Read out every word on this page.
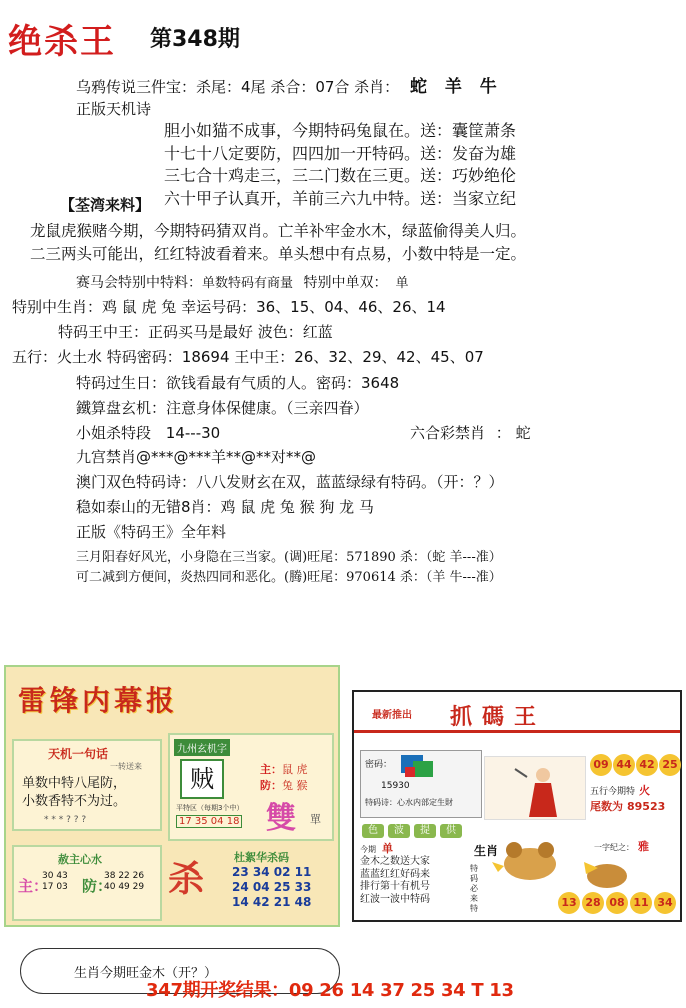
绝杀王 第348期
乌鸦传说三件宝：杀尾：4尾 杀合：07合 杀肖： 蛇 羊 牛
正版天机诗
胆小如猫不成事，今期特码兔鼠在。送：囊筐萧条
十七十八定要防，四四加一开特码。送：发奋为雄
三七合十鸡走三，三二门数在三更。送：巧妙绝伦
六十甲子认真开，羊前三六九中特。送：当家立纪
【荃湾来料】
龙鼠虎猴赌今期，今期特码猜双肖。亡羊补牢金水木，绿蓝偷得美人归。
二三两头可能出，红红特波看着来。单头想中有点易，小数中特是一定。
赛马会特别中特料：单数特码有商量 特别中单双： 单
特别中生肖：鸡 鼠 虎 兔 幸运号码：36、15、04、46、26、14
特码王中王：正码买马是最好 波色：红蓝
五行：火土水 特码密码：18694 王中王：26、32、29、42、45、07
特码过生日：欲钱看最有气质的人。密码：3648
鐵算盘玄机：注意身体保健康。（三亲四眷）
小姐杀特段 14---30	六合彩禁肖 ： 蛇
九宫禁肖@***@***羊**@**对**@
澳门双色特码诗：八八发财玄在双，蓝蓝绿绿有特码。（开：？）
稳如泰山的无错8肖：鸡 鼠 虎 兔 猴 狗 龙 马
正版《特码王》全年料
三月阳春好风光，小身隐在三当家。(调)旺尾：571890 杀：（蛇 羊---准）
可二减到方便间，炎热四同和恶化。(腾)旺尾：970614 杀：（羊 牛---准）
雷锋内幕报
天机一句话
一转送来
单数中特八尾防，
小数香特不为过。
* * * ? ? ?
九州玄机字
贼	主：鼠 虎
防：兔 猴
平特区（每期3个中）
17 35 04 18 雙 單
赦主心水
主：
30 43
17 03 防：
38 22 26
40 49 29 杀
杜絮华杀码
23 34 02 11
24 04 25 33
14 42 21 48
最新推出 抓碼王
密码：
15930
特码诗：心水内部定生財
09 44 42 25
五行今期特 火
尾数为 89523
色	波	提	供
今期 单
金木之数送大家
蓝蓝红红好码来
排行第十有机号
红波一波中特码
生肖
特码必来特
一字纪之： 雅
13 28 08 11 34
生肖今期旺金木（开？）
347期开奖结果：09 26 14 37 25 34 T 13
